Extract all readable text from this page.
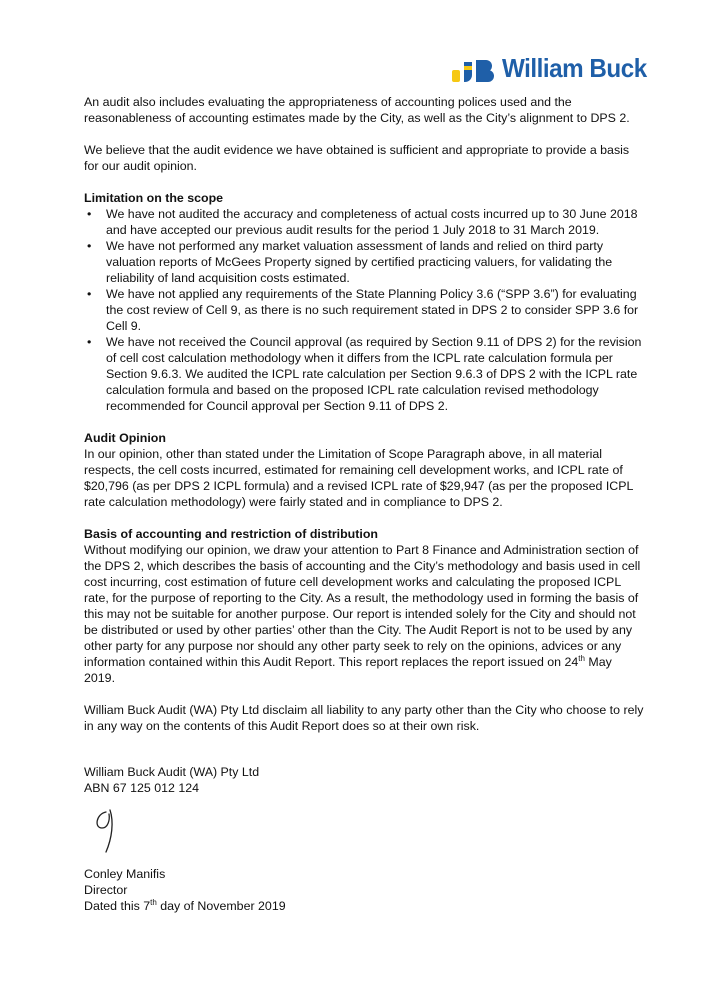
William Buck

An audit also includes evaluating the appropriateness of accounting polices used and the reasonableness of accounting estimates made by the City, as well as the City’s alignment to DPS 2.

We believe that the audit evidence we have obtained is sufficient and appropriate to provide a basis for our audit opinion.

Limitation on the scope
• We have not audited the accuracy and completeness of actual costs incurred up to 30 June 2018 and have accepted our previous audit results for the period 1 July 2018 to 31 March 2019.
• We have not performed any market valuation assessment of lands and relied on third party valuation reports of McGees Property signed by certified practicing valuers, for validating the reliability of land acquisition costs estimated.
• We have not applied any requirements of the State Planning Policy 3.6 (“SPP 3.6”) for evaluating the cost review of Cell 9, as there is no such requirement stated in DPS 2 to consider SPP 3.6 for Cell 9.
• We have not received the Council approval (as required by Section 9.11 of DPS 2) for the revision of cell cost calculation methodology when it differs from the ICPL rate calculation formula per Section 9.6.3. We audited the ICPL rate calculation per Section 9.6.3 of DPS 2 with the ICPL rate calculation formula and based on the proposed ICPL rate calculation revised methodology recommended for Council approval per Section 9.11 of DPS 2.
Audit Opinion

In our opinion, other than stated under the Limitation of Scope Paragraph above, in all material respects, the cell costs incurred, estimated for remaining cell development works, and ICPL rate of $20,796 (as per DPS 2 ICPL formula) and a revised ICPL rate of $29,947 (as per the proposed ICPL rate calculation methodology) were fairly stated and in compliance to DPS 2.

Basis of accounting and restriction of distribution

Without modifying our opinion, we draw your attention to Part 8 Finance and Administration section of the DPS 2, which describes the basis of accounting and the City’s methodology and basis used in cell cost incurring, cost estimation of future cell development works and calculating the proposed ICPL rate, for the purpose of reporting to the City. As a result, the methodology used in forming the basis of this may not be suitable for another purpose. Our report is intended solely for the City and should not be distributed or used by other parties’ other than the City. The Audit Report is not to be used by any other party for any purpose nor should any other party seek to rely on the opinions, advices or any information contained within this Audit Report. This report replaces the report issued on 24th May 2019.

William Buck Audit (WA) Pty Ltd disclaim all liability to any party other than the City who choose to rely in any way on the contents of this Audit Report does so at their own risk.

William Buck Audit (WA) Pty Ltd
ABN 67 125 012 124
Conley Manifis
Director
Dated this 7th day of November 2019
